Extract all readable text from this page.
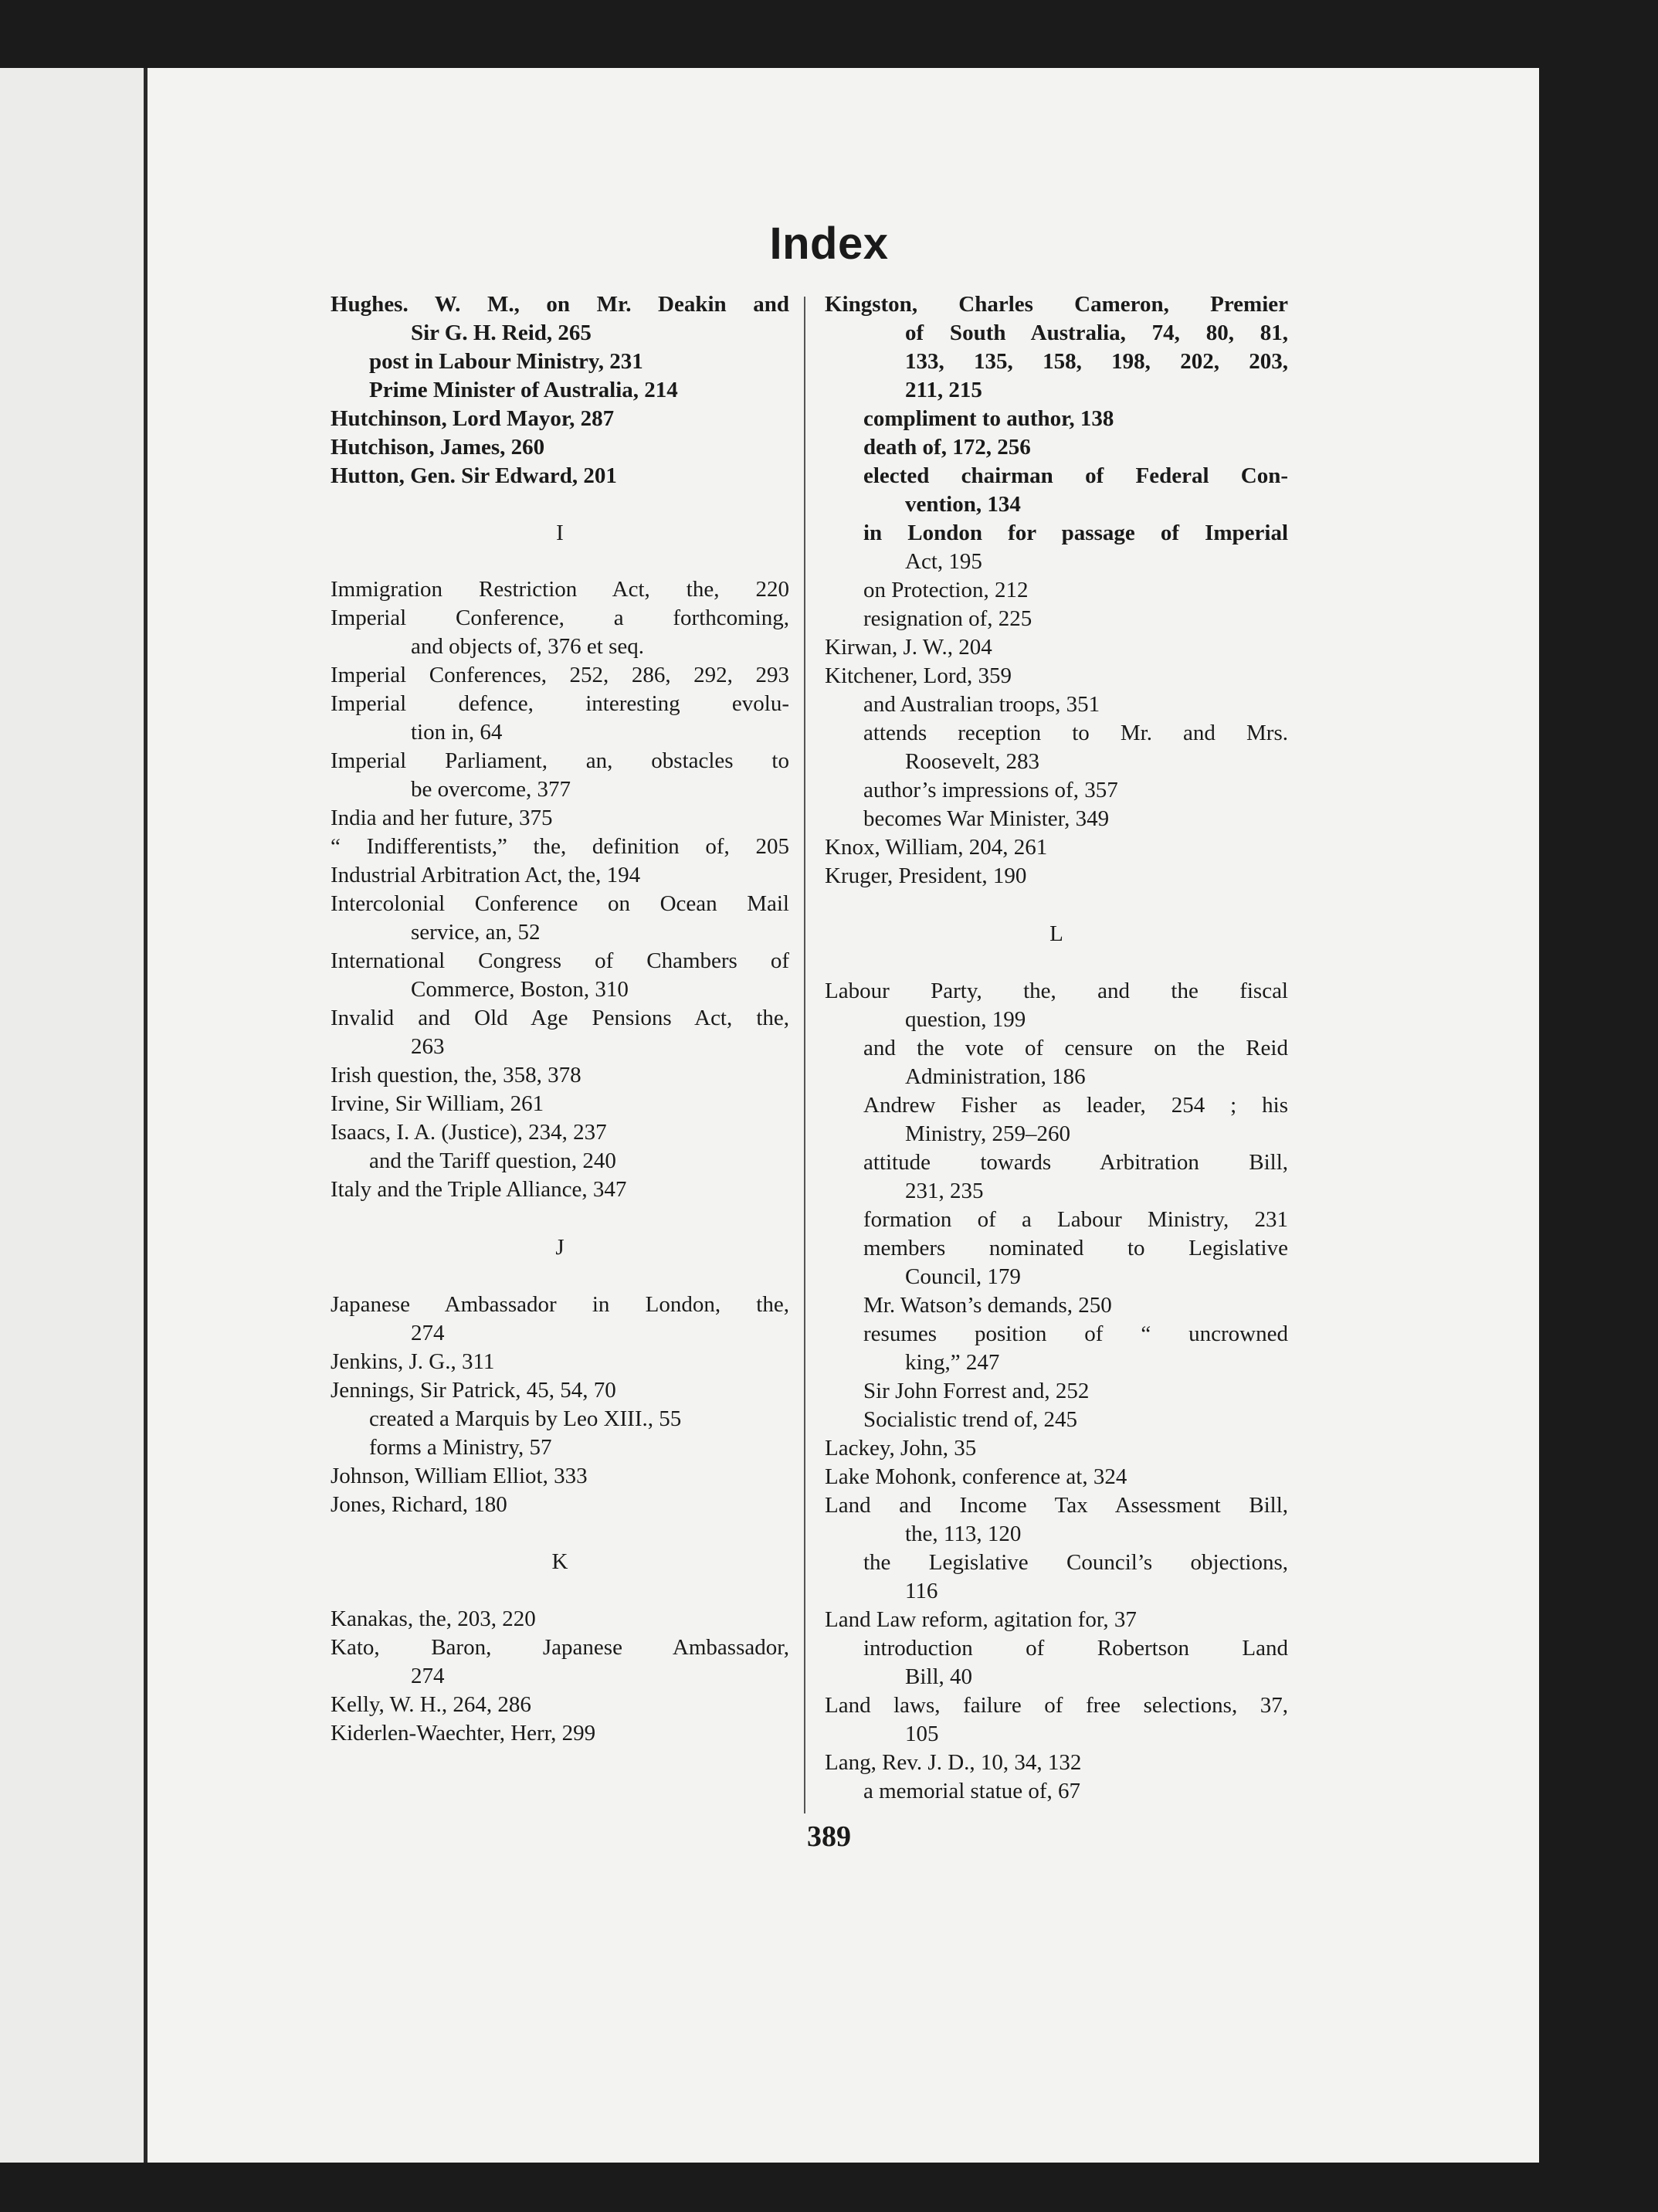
Index
Hughes. W. M., on Mr. Deakin and
Sir G. H. Reid, 265
post in Labour Ministry, 231
Prime Minister of Australia, 214
Hutchinson, Lord Mayor, 287
Hutchison, James, 260
Hutton, Gen. Sir Edward, 201
I
Immigration Restriction Act, the, 220
Imperial Conference, a forthcoming,
and objects of, 376 et seq.
Imperial Conferences, 252, 286, 292, 293
Imperial defence, interesting evolu-
tion in, 64
Imperial Parliament, an, obstacles to
be overcome, 377
India and her future, 375
“ Indifferentists,” the, definition of, 205
Industrial Arbitration Act, the, 194
Intercolonial Conference on Ocean Mail
service, an, 52
International Congress of Chambers of
Commerce, Boston, 310
Invalid and Old Age Pensions Act, the,
263
Irish question, the, 358, 378
Irvine, Sir William, 261
Isaacs, I. A. (Justice), 234, 237
and the Tariff question, 240
Italy and the Triple Alliance, 347
J
Japanese Ambassador in London, the,
274
Jenkins, J. G., 311
Jennings, Sir Patrick, 45, 54, 70
created a Marquis by Leo XIII., 55
forms a Ministry, 57
Johnson, William Elliot, 333
Jones, Richard, 180
K
Kanakas, the, 203, 220
Kato, Baron, Japanese Ambassador,
274
Kelly, W. H., 264, 286
Kiderlen-Waechter, Herr, 299
Kingston, Charles Cameron, Premier
of South Australia, 74, 80, 81,
133, 135, 158, 198, 202, 203,
211, 215
compliment to author, 138
death of, 172, 256
elected chairman of Federal Con-
vention, 134
in London for passage of Imperial
Act, 195
on Protection, 212
resignation of, 225
Kirwan, J. W., 204
Kitchener, Lord, 359
and Australian troops, 351
attends reception to Mr. and Mrs.
Roosevelt, 283
author’s impressions of, 357
becomes War Minister, 349
Knox, William, 204, 261
Kruger, President, 190
L
Labour Party, the, and the fiscal
question, 199
and the vote of censure on the Reid
Administration, 186
Andrew Fisher as leader, 254 ; his
Ministry, 259–260
attitude towards Arbitration Bill,
231, 235
formation of a Labour Ministry, 231
members nominated to Legislative
Council, 179
Mr. Watson’s demands, 250
resumes position of “ uncrowned
king,” 247
Sir John Forrest and, 252
Socialistic trend of, 245
Lackey, John, 35
Lake Mohonk, conference at, 324
Land and Income Tax Assessment Bill,
the, 113, 120
the Legislative Council’s objections,
116
Land Law reform, agitation for, 37
introduction of Robertson Land
Bill, 40
Land laws, failure of free selections, 37,
105
Lang, Rev. J. D., 10, 34, 132
a memorial statue of, 67
389
